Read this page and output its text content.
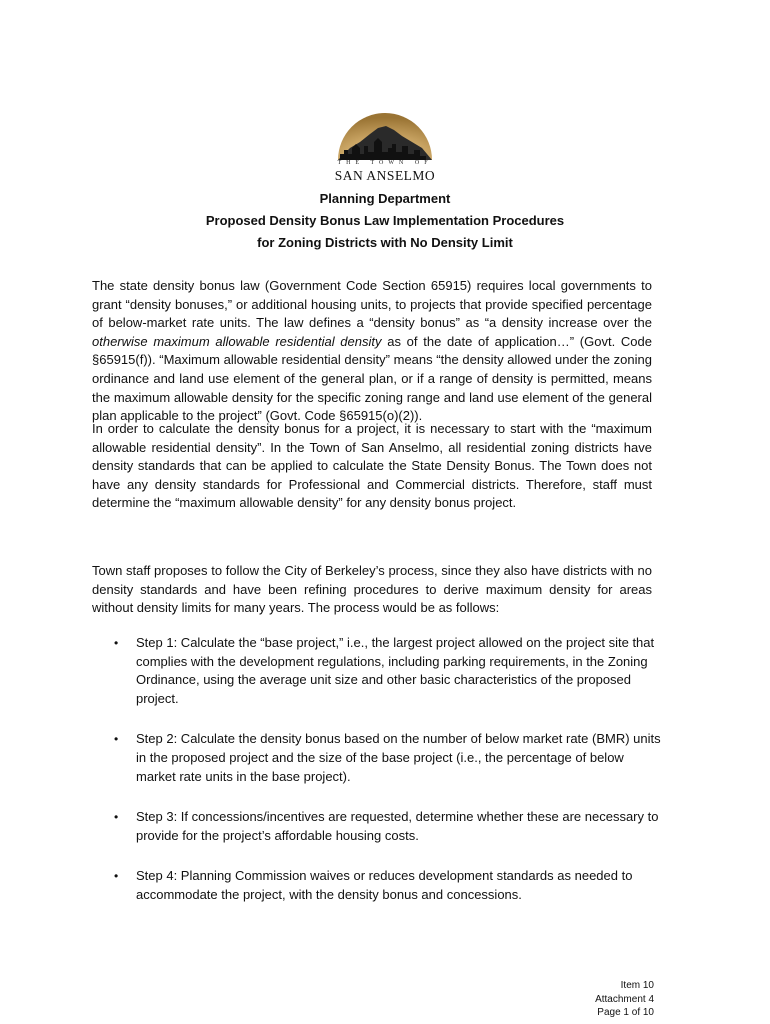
THE TOWN OF
SAN ANSELMO
Planning Department
Proposed Density Bonus Law Implementation Procedures
for Zoning Districts with No Density Limit

The state density bonus law (Government Code Section 65915) requires local governments to grant “density bonuses,” or additional housing units, to projects that provide specified percentage of below-market rate units. The law defines a “density bonus” as “a density increase over the otherwise maximum allowable residential density as of the date of application…” (Govt. Code §65915(f)). “Maximum allowable residential density” means “the density allowed under the zoning ordinance and land use element of the general plan, or if a range of density is permitted, means the maximum allowable density for the specific zoning range and land use element of the general plan applicable to the project” (Govt. Code §65915(o)(2)).

In order to calculate the density bonus for a project, it is necessary to start with the “maximum allowable residential density”. In the Town of San Anselmo, all residential zoning districts have density standards that can be applied to calculate the State Density Bonus. The Town does not have any density standards for Professional and Commercial districts. Therefore, staff must determine the “maximum allowable density” for any density bonus project.

Town staff proposes to follow the City of Berkeley’s process, since they also have districts with no density standards and have been refining procedures to derive maximum density for areas without density limits for many years. The process would be as follows:

• Step 1: Calculate the “base project,” i.e., the largest project allowed on the project site that complies with the development regulations, including parking requirements, in the Zoning Ordinance, using the average unit size and other basic characteristics of the proposed project.
• Step 2: Calculate the density bonus based on the number of below market rate (BMR) units in the proposed project and the size of the base project (i.e., the percentage of below market rate units in the base project).
• Step 3: If concessions/incentives are requested, determine whether these are necessary to provide for the project’s affordable housing costs.
• Step 4: Planning Commission waives or reduces development standards as needed to accommodate the project, with the density bonus and concessions.
Item 10
Attachment 4
Page 1 of 10
